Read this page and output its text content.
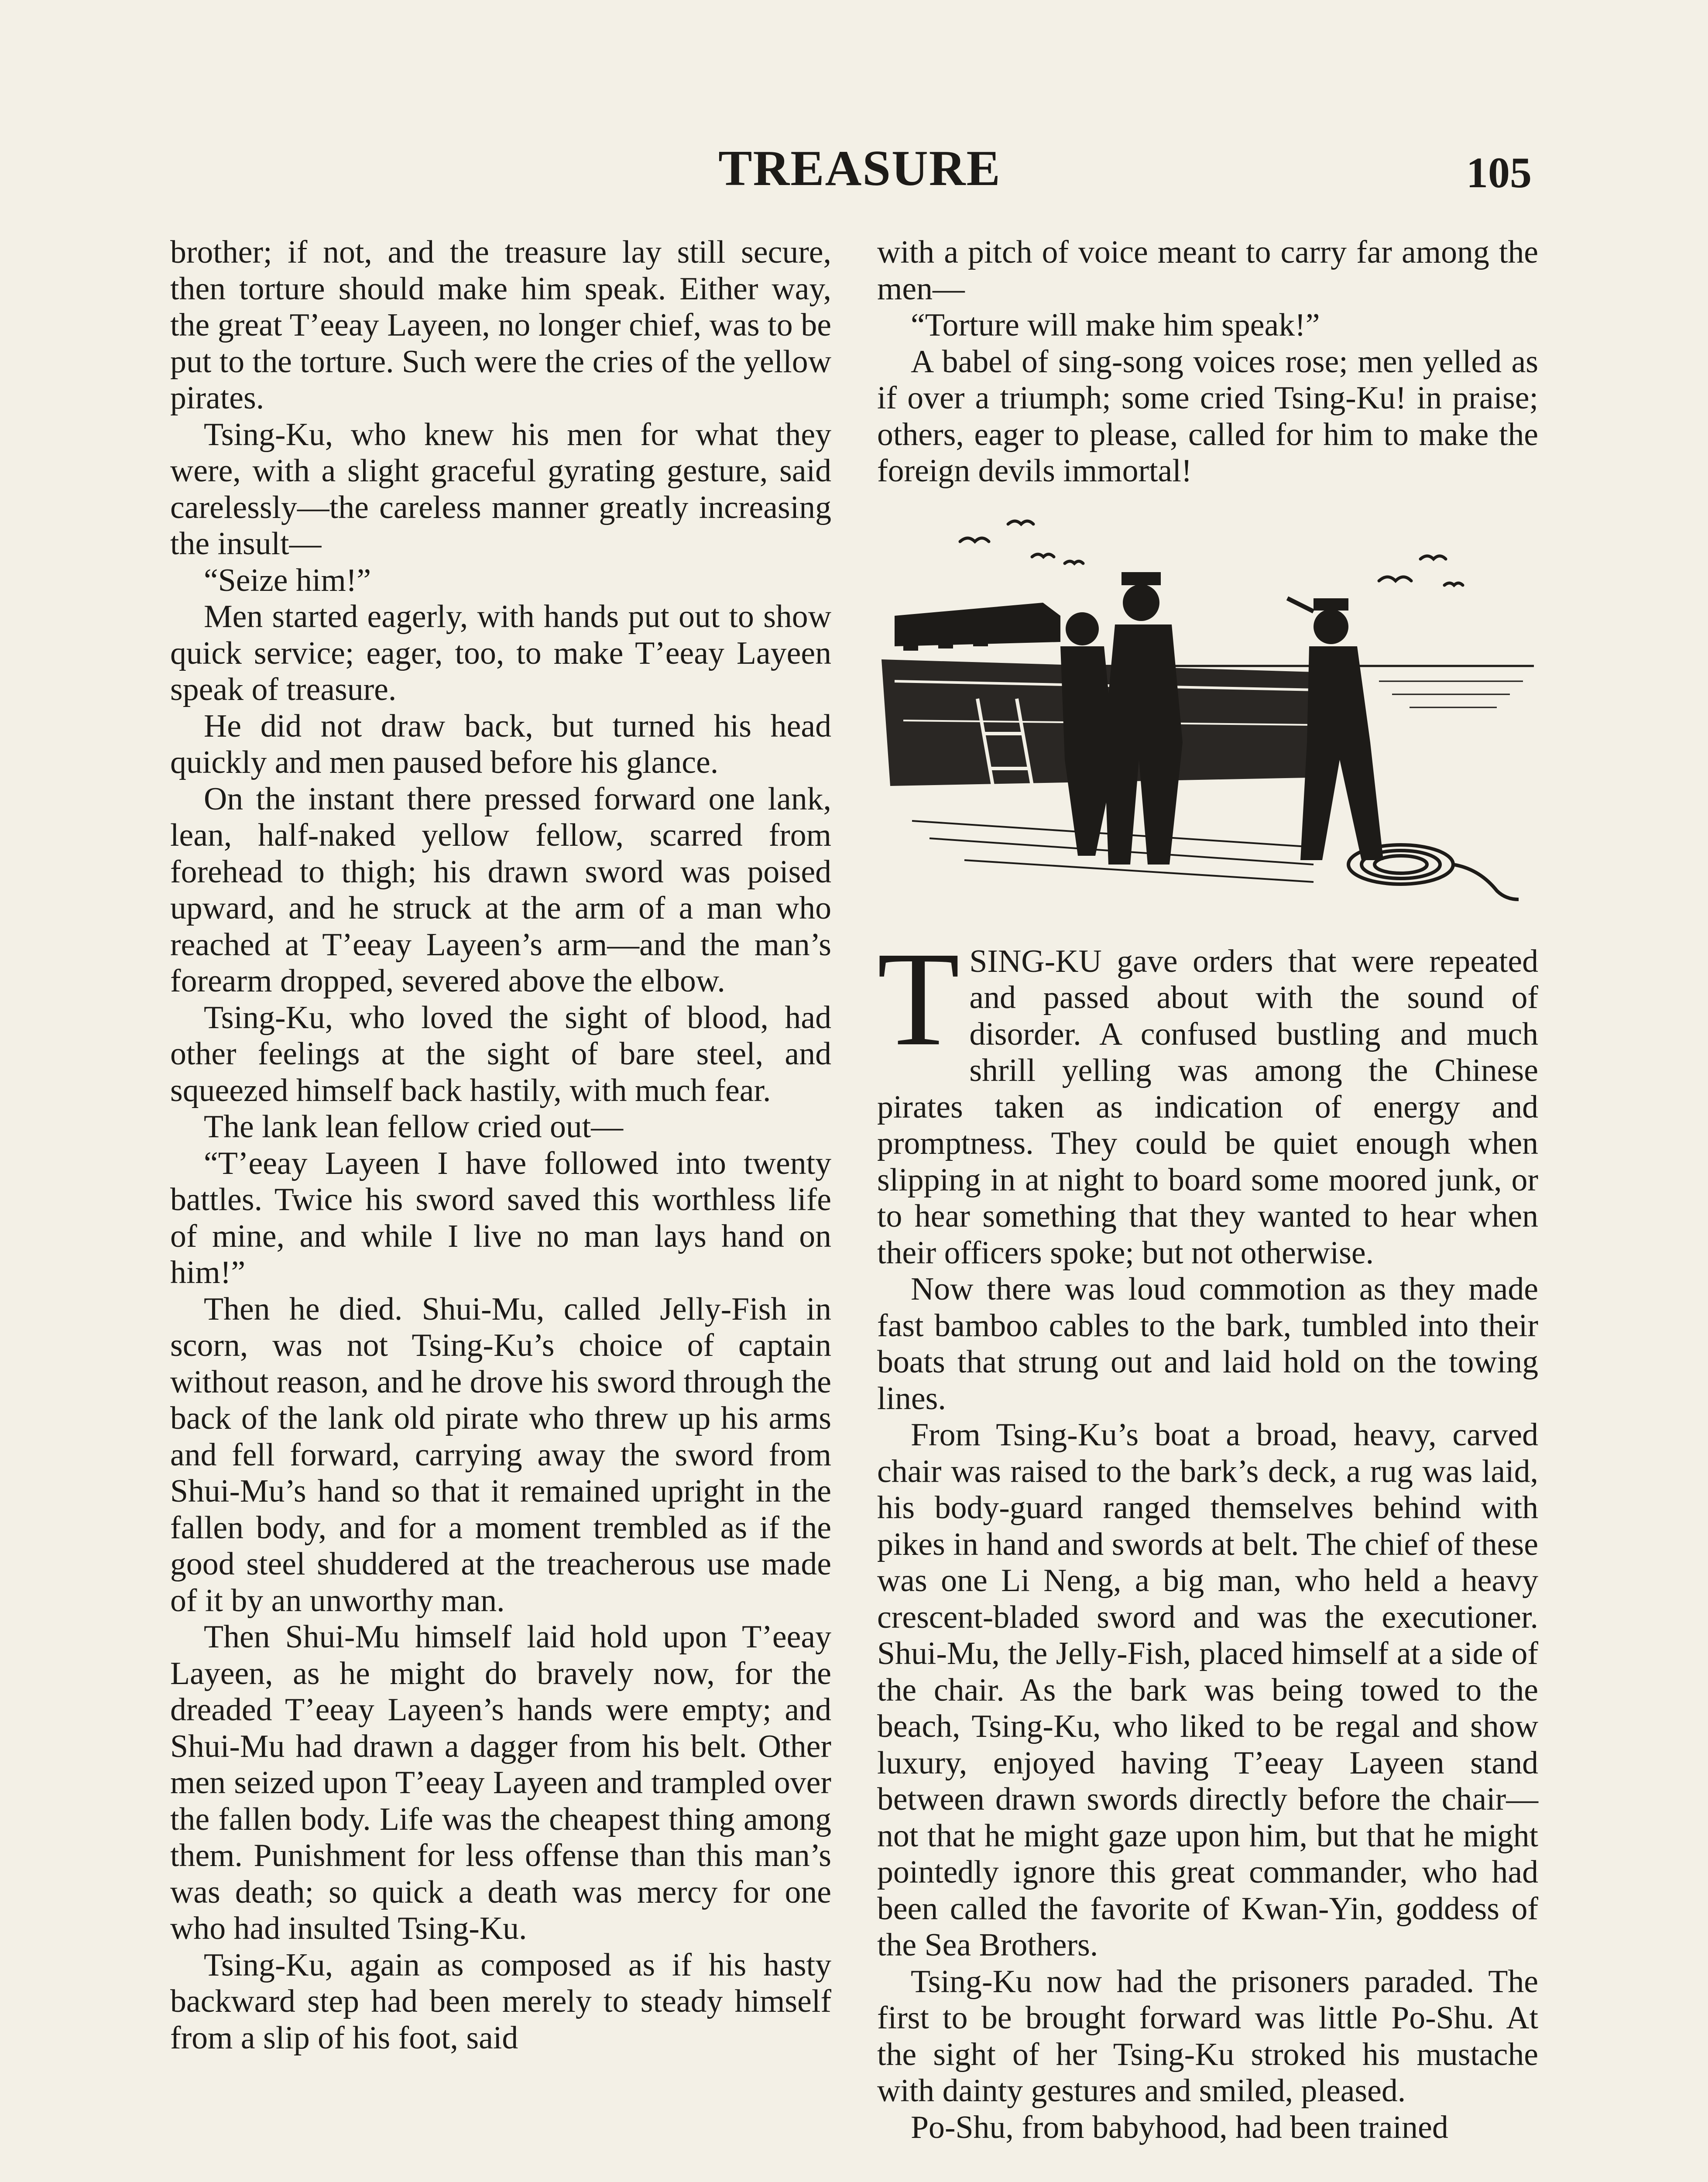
TREASURE	105

brother; if not, and the treasure lay still secure, then torture should make him speak. Either way, the great T’eeay Layeen, no longer chief, was to be put to the torture. Such were the cries of the yellow pirates.

Tsing-Ku, who knew his men for what they were, with a slight graceful gyrating gesture, said carelessly—the careless manner greatly increasing the insult—

“Seize him!”

Men started eagerly, with hands put out to show quick service; eager, too, to make T’eeay Layeen speak of treasure.

He did not draw back, but turned his head quickly and men paused before his glance.

On the instant there pressed forward one lank, lean, half-naked yellow fellow, scarred from forehead to thigh; his drawn sword was poised upward, and he struck at the arm of a man who reached at T’eeay Layeen’s arm—and the man’s forearm dropped, severed above the elbow.

Tsing-Ku, who loved the sight of blood, had other feelings at the sight of bare steel, and squeezed himself back hastily, with much fear.

The lank lean fellow cried out—

“T’eeay Layeen I have followed into twenty battles. Twice his sword saved this worthless life of mine, and while I live no man lays hand on him!”

Then he died. Shui-Mu, called Jelly-Fish in scorn, was not Tsing-Ku’s choice of captain without reason, and he drove his sword through the back of the lank old pirate who threw up his arms and fell forward, carrying away the sword from Shui-Mu’s hand so that it remained upright in the fallen body, and for a moment trembled as if the good steel shuddered at the treacherous use made of it by an unworthy man.

Then Shui-Mu himself laid hold upon T’eeay Layeen, as he might do bravely now, for the dreaded T’eeay Layeen’s hands were empty; and Shui-Mu had drawn a dagger from his belt. Other men seized upon T’eeay Layeen and trampled over the fallen body. Life was the cheapest thing among them. Punishment for less offense than this man’s was death; so quick a death was mercy for one who had insulted Tsing-Ku.

Tsing-Ku, again as composed as if his hasty backward step had been merely to steady himself from a slip of his foot, said

with a pitch of voice meant to carry far among the men—

“Torture will make him speak!”

A babel of sing-song voices rose; men yelled as if over a triumph; some cried Tsing-Ku! in praise; others, eager to please, called for him to make the foreign devils immortal!

TSING-KU gave orders that were repeated and passed about with the sound of disorder. A confused bustling and much shrill yelling was among the Chinese pirates taken as indication of energy and promptness. They could be quiet enough when slipping in at night to board some moored junk, or to hear something that they wanted to hear when their officers spoke; but not otherwise.

Now there was loud commotion as they made fast bamboo cables to the bark, tumbled into their boats that strung out and laid hold on the towing lines.

From Tsing-Ku’s boat a broad, heavy, carved chair was raised to the bark’s deck, a rug was laid, his body-guard ranged themselves behind with pikes in hand and swords at belt. The chief of these was one Li Neng, a big man, who held a heavy crescent-bladed sword and was the executioner. Shui-Mu, the Jelly-Fish, placed himself at a side of the chair. As the bark was being towed to the beach, Tsing-Ku, who liked to be regal and show luxury, enjoyed having T’eeay Layeen stand between drawn swords directly before the chair—not that he might gaze upon him, but that he might pointedly ignore this great commander, who had been called the favorite of Kwan-Yin, goddess of the Sea Brothers.

Tsing-Ku now had the prisoners paraded. The first to be brought forward was little Po-Shu. At the sight of her Tsing-Ku stroked his mustache with dainty gestures and smiled, pleased.

Po-Shu, from babyhood, had been trained
